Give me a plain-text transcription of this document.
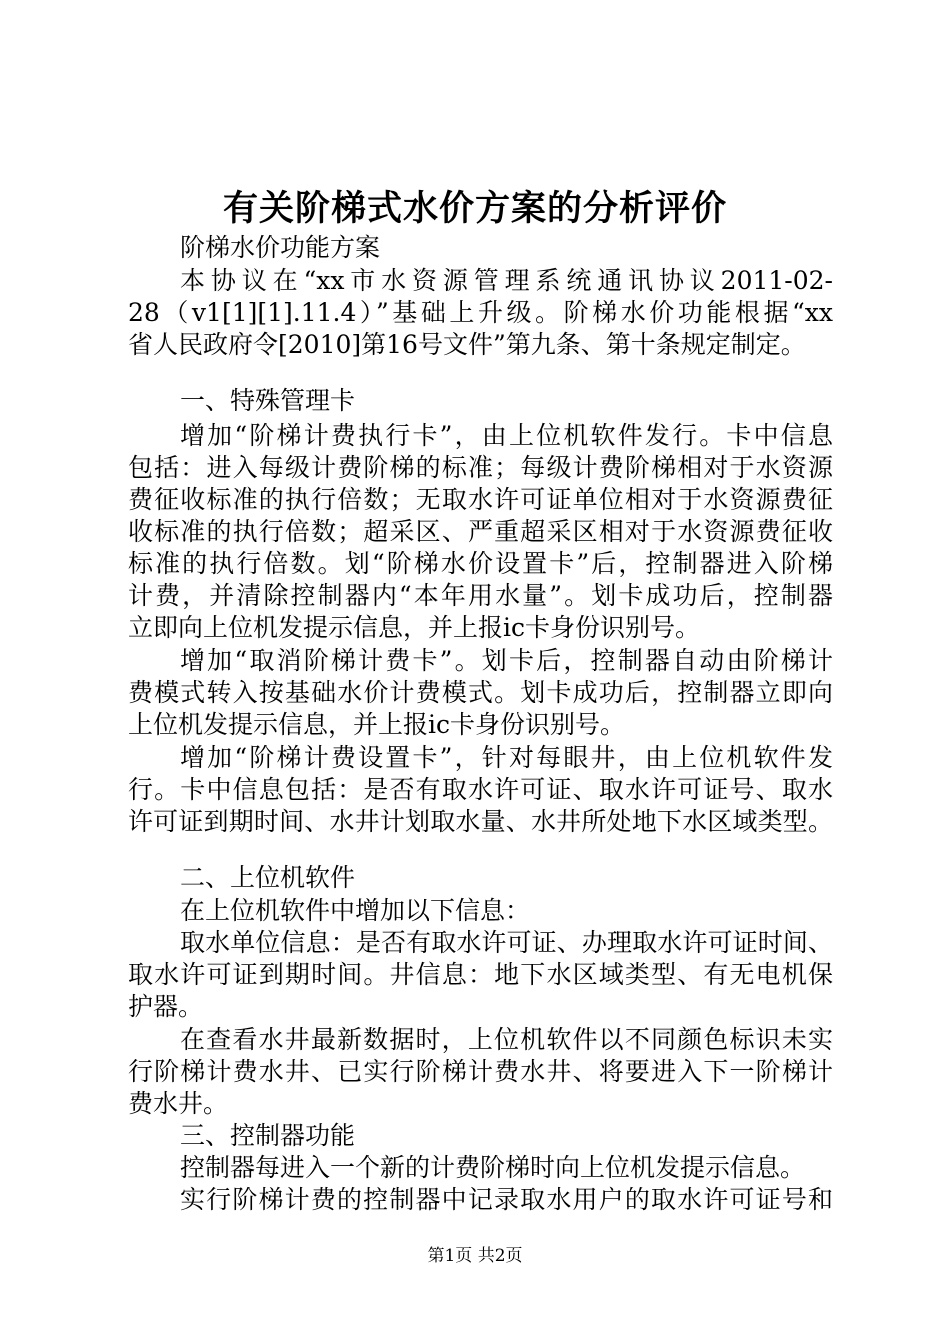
有关阶梯式水价方案的分析评价
阶梯水价功能方案
本协议在“xx市水资源管理系统通讯协议2011-02-
28（v1[1][1].11.4）”基础上升级。阶梯水价功能根据“xx
省人民政府令[2010]第16号文件”第九条、第十条规定制定。
一、特殊管理卡
增加“阶梯计费执行卡”，由上位机软件发行。卡中信息
包括：进入每级计费阶梯的标准；每级计费阶梯相对于水资源
费征收标准的执行倍数；无取水许可证单位相对于水资源费征
收标准的执行倍数；超采区、严重超采区相对于水资源费征收
标准的执行倍数。划“阶梯水价设置卡”后，控制器进入阶梯
计费，并清除控制器内“本年用水量”。划卡成功后，控制器
立即向上位机发提示信息，并上报ic卡身份识别号。
增加“取消阶梯计费卡”。划卡后，控制器自动由阶梯计
费模式转入按基础水价计费模式。划卡成功后，控制器立即向
上位机发提示信息，并上报ic卡身份识别号。
增加“阶梯计费设置卡”，针对每眼井，由上位机软件发
行。卡中信息包括：是否有取水许可证、取水许可证号、取水
许可证到期时间、水井计划取水量、水井所处地下水区域类型。
二、上位机软件
在上位机软件中增加以下信息：
取水单位信息：是否有取水许可证、办理取水许可证时间、
取水许可证到期时间。井信息：地下水区域类型、有无电机保
护器。
在查看水井最新数据时，上位机软件以不同颜色标识未实
行阶梯计费水井、已实行阶梯计费水井、将要进入下一阶梯计
费水井。
三、控制器功能
控制器每进入一个新的计费阶梯时向上位机发提示信息。
实行阶梯计费的控制器中记录取水用户的取水许可证号和
第1页 共2页
